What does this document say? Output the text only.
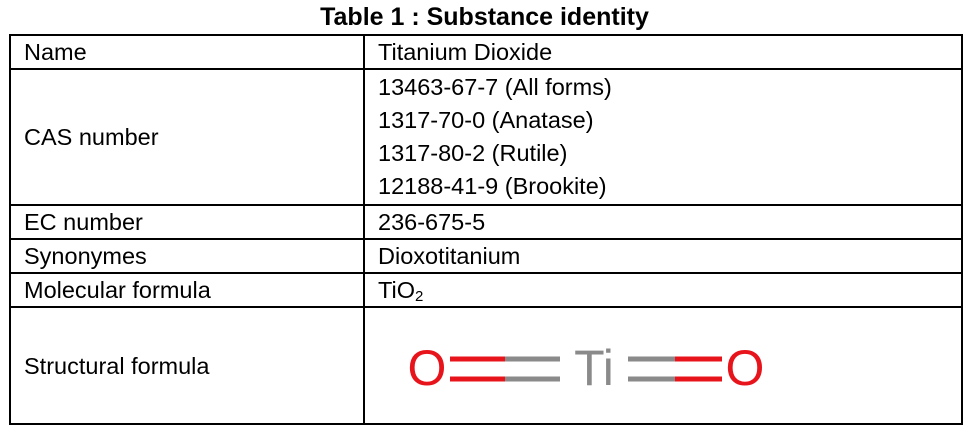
Table 1 : Substance identity
Name	Titanium Dioxide
CAS number	13463-67-7 (All forms)
1317-70-0 (Anatase)
1317-80-2 (Rutile)
12188-41-9 (Brookite)

EC number	236-675-5
Synonymes	Dioxotitanium
Molecular formula	TiO$_2$
Structural formula	O Ti O
